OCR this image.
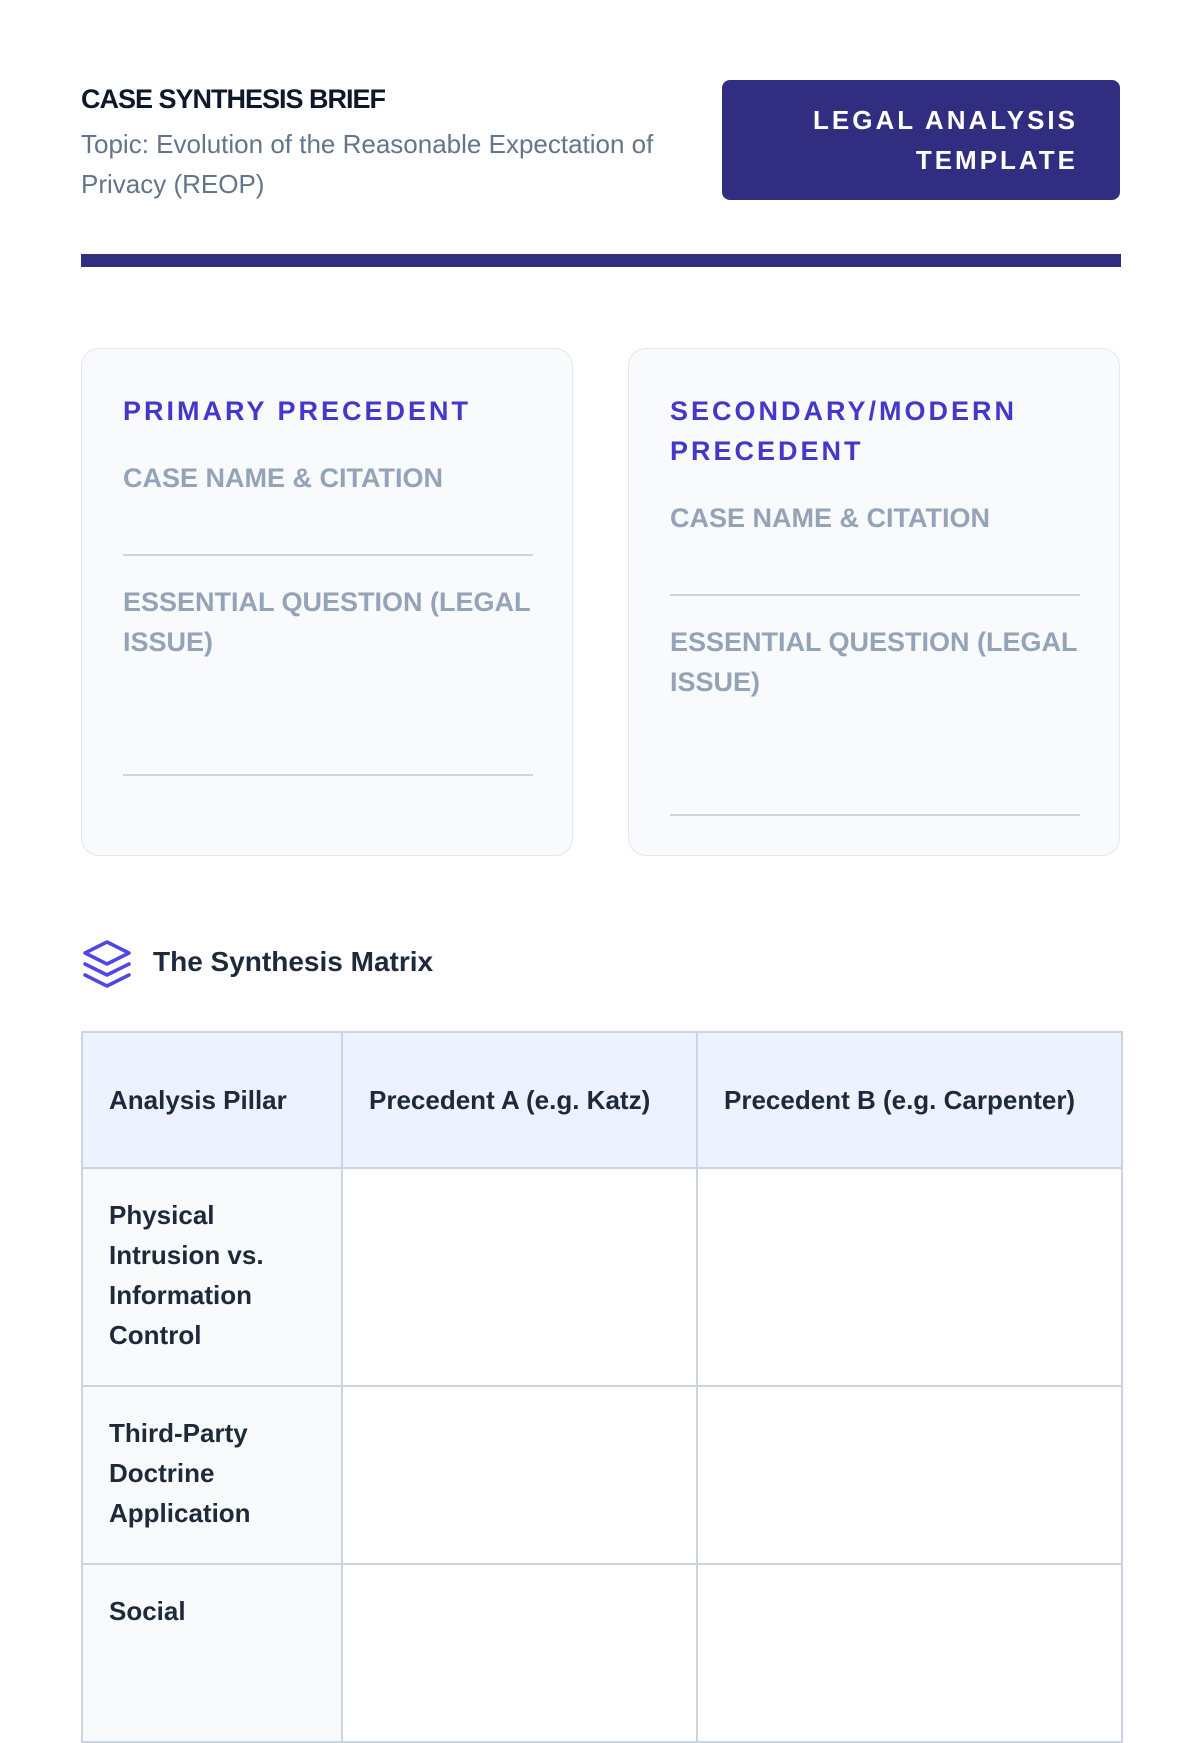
CASE SYNTHESIS BRIEF
Topic: Evolution of the Reasonable Expectation of Privacy (REOP)
LEGAL ANALYSIS
TEMPLATE
PRIMARY PRECEDENT
CASE NAME & CITATION
ESSENTIAL QUESTION (LEGAL ISSUE)
SECONDARY/MODERN PRECEDENT
CASE NAME & CITATION
ESSENTIAL QUESTION (LEGAL ISSUE)
The Synthesis Matrix
Analysis Pillar	Precedent A (e.g. Katz)	Precedent B (e.g. Carpenter)
Physical Intrusion vs. Information Control		
Third-Party Doctrine Application		
Social		
